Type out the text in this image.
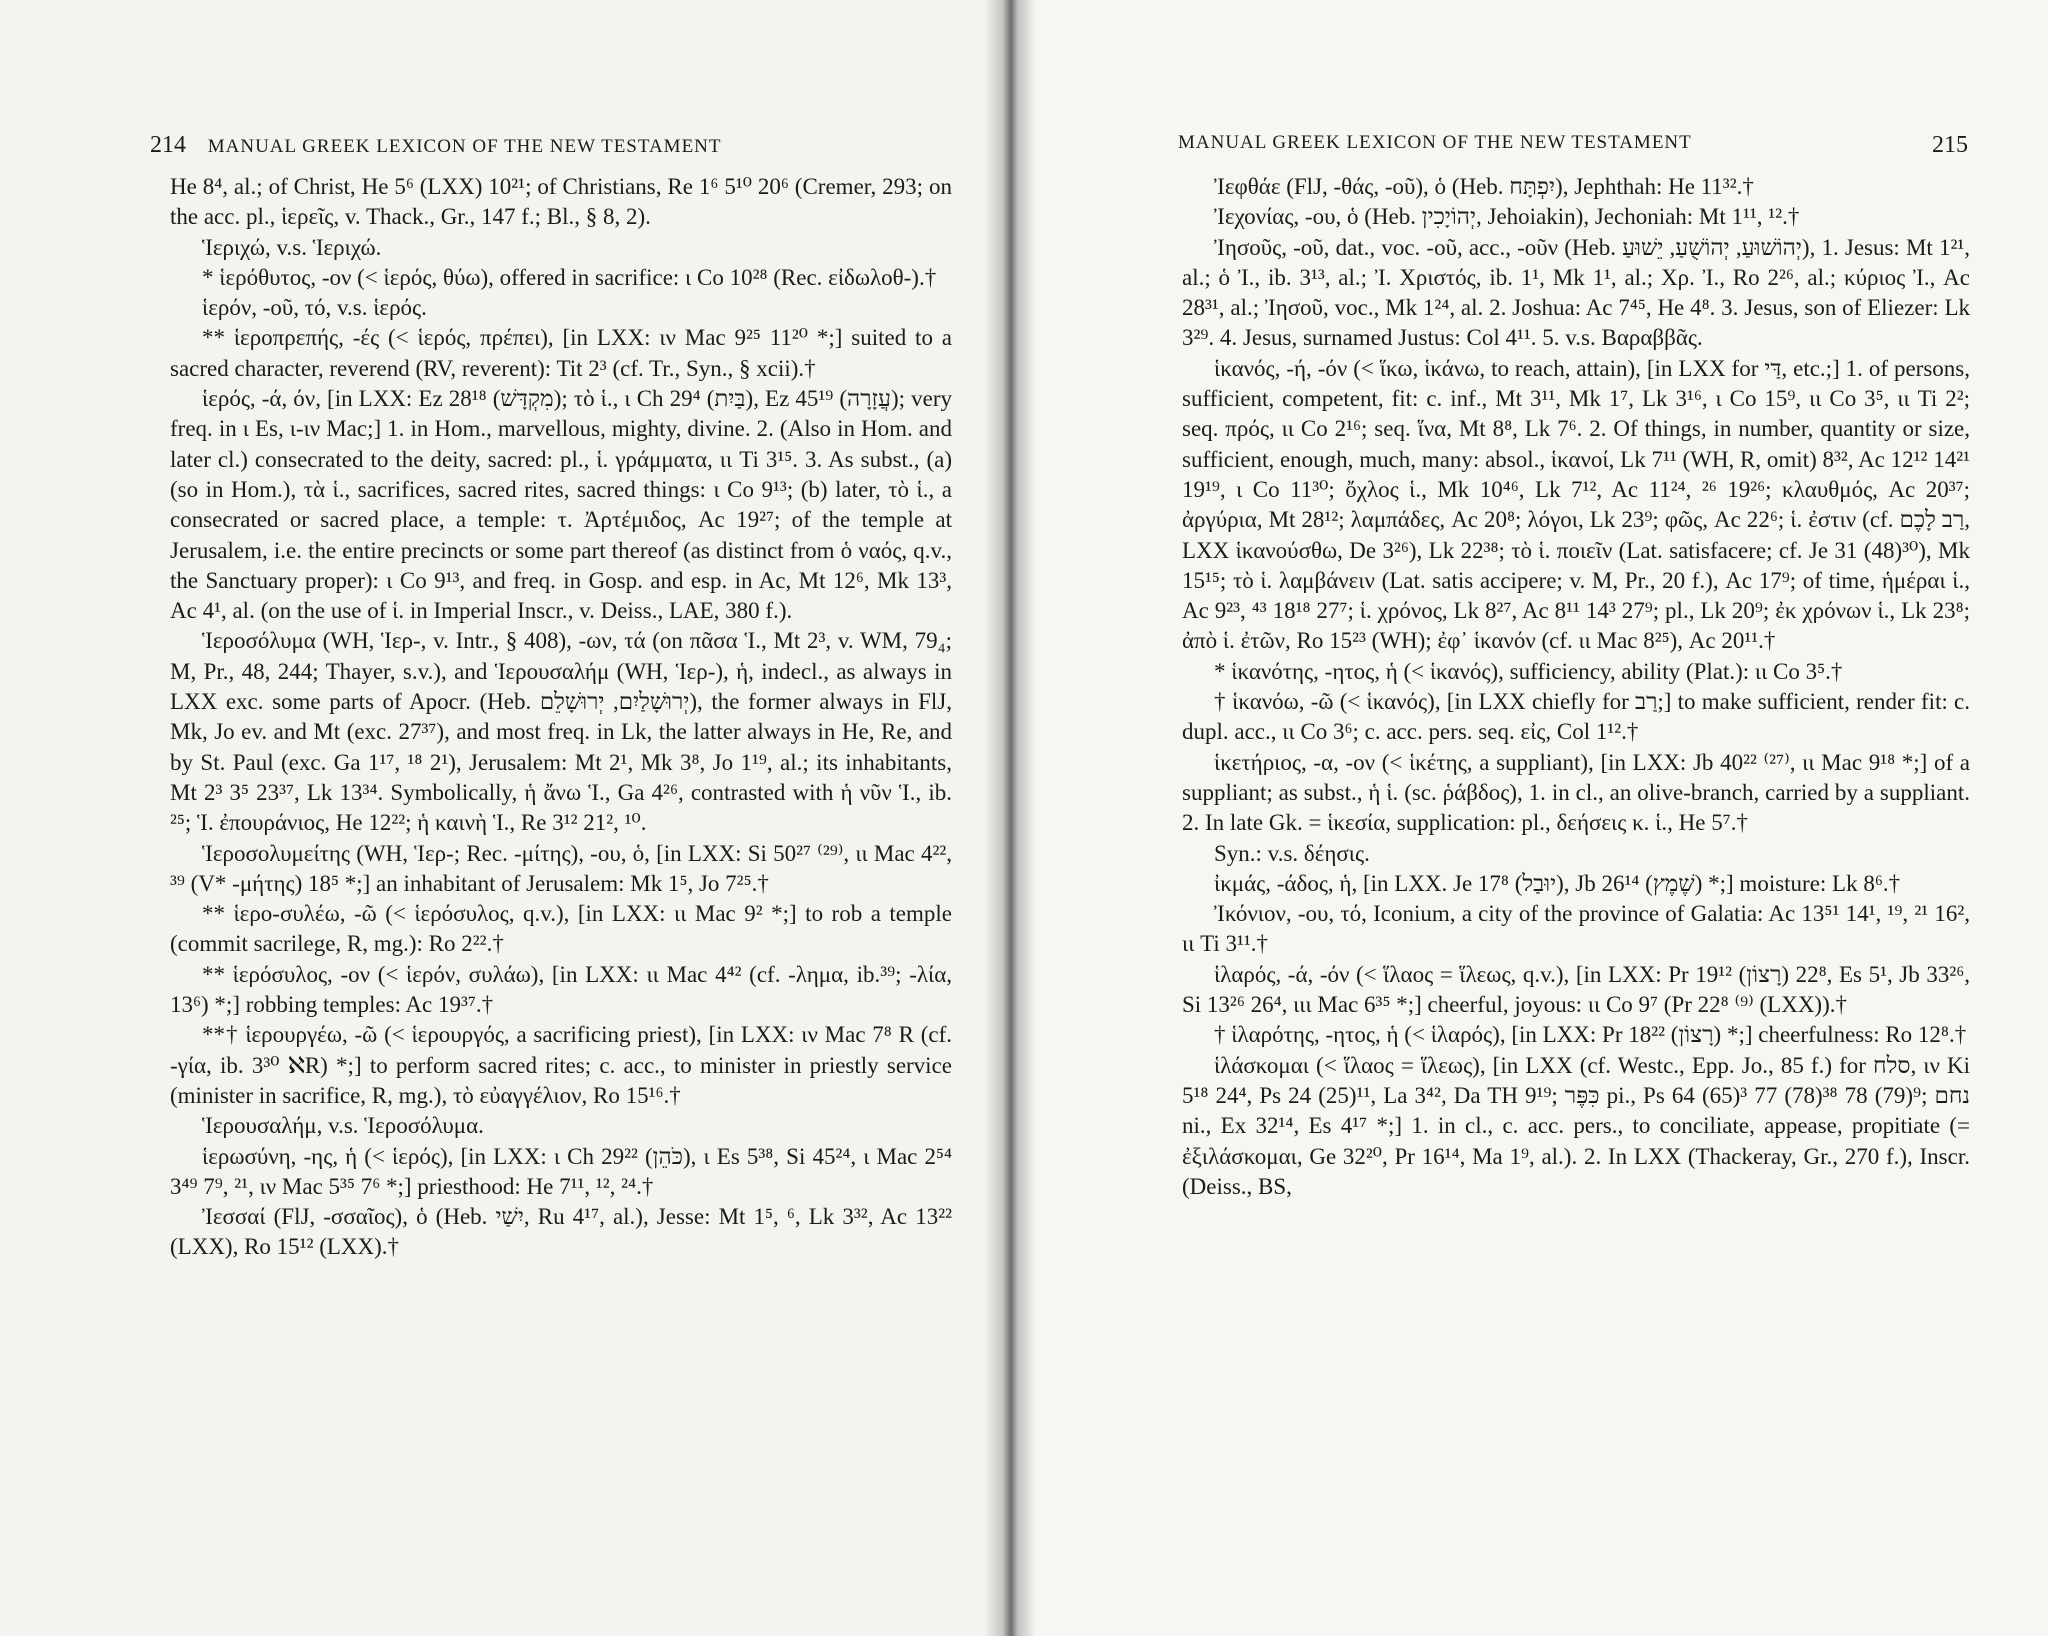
214 MANUAL GREEK LEXICON OF THE NEW TESTAMENT

He 8⁴, al.; of Christ, He 5⁶ (LXX) 10²¹; of Christians, Re 1⁶ 5¹⁰ 20⁶ (Cremer, 293; on the acc. pl., ἱερεῖς, v. Thack., Gr., 147 f.; Bl., § 8, 2).

Ἱεριχώ, v.s. Ἱεριχώ.

* ἱερόθυτος, -ον (< ἱερός, θύω), offered in sacrifice: ι Co 10²⁸ (Rec. εἰδωλοθ-).†

ἱερόν, -οῦ, τό, v.s. ἱερός.

** ἱεροπρεπής, -ές (< ἱερός, πρέπει), [in LXX: ιν Mac 9²⁵ 11²⁰ *;] suited to a sacred character, reverend (RV, reverent): Tit 2³ (cf. Tr., Syn., § xcii).†

ἱερός, -ά, όν, [in LXX: Ez 28¹⁸ (מִקְדָּשׁ); τὸ ἱ., ι Ch 29⁴ (בַּיִת), Ez 45¹⁹ (עֲזָרָה); very freq. in ι Es, ι-ιν Mac;] 1. in Hom., marvellous, mighty, divine. 2. (Also in Hom. and later cl.) consecrated to the deity, sacred: pl., ἱ. γράμματα, ιι Ti 3¹⁵. 3. As subst., (a) (so in Hom.), τὰ ἱ., sacrifices, sacred rites, sacred things: ι Co 9¹³; (b) later, τὸ ἱ., a consecrated or sacred place, a temple: τ. Ἀρτέμιδος, Ac 19²⁷; of the temple at Jerusalem, i.e. the entire precincts or some part thereof (as distinct from ὁ ναός, q.v., the Sanctuary proper): ι Co 9¹³, and freq. in Gosp. and esp. in Ac, Mt 12⁶, Mk 13³, Ac 4¹, al. (on the use of ἱ. in Imperial Inscr., v. Deiss., LAE, 380 f.).

Ἱεροσόλυμα (WH, Ἱερ-, v. Intr., § 408), -ων, τά (on πᾶσα Ἱ., Mt 2³, v. WM, 79₄; M, Pr., 48, 244; Thayer, s.v.), and Ἱερουσαλήμ (WH, Ἱερ-), ἡ, indecl., as always in LXX exc. some parts of Apocr. (Heb. יְרוּשָׁלַיִם, יְרוּשָׁלֵם), the former always in FlJ, Mk, Jo ev. and Mt (exc. 27³⁷), and most freq. in Lk, the latter always in He, Re, and by St. Paul (exc. Ga 1¹⁷, ¹⁸ 2¹), Jerusalem: Mt 2¹, Mk 3⁸, Jo 1¹⁹, al.; its inhabitants, Mt 2³ 3⁵ 23³⁷, Lk 13³⁴. Symbolically, ἡ ἄνω Ἱ., Ga 4²⁶, contrasted with ἡ νῦν Ἱ., ib. ²⁵; Ἱ. ἐπουράνιος, He 12²²; ἡ καινὴ Ἱ., Re 3¹² 21², ¹⁰.

Ἱεροσολυμείτης (WH, Ἱερ-; Rec. -μίτης), -ου, ὁ, [in LXX: Si 50²⁷ ⁽²⁹⁾, ιι Mac 4²², ³⁹ (V* -μήτης) 18⁵ *;] an inhabitant of Jerusalem: Mk 1⁵, Jo 7²⁵.†

** ἱερο-συλέω, -ῶ (< ἱερόσυλος, q.v.), [in LXX: ιι Mac 9² *;] to rob a temple (commit sacrilege, R, mg.): Ro 2²².†

** ἱερόσυλος, -ον (< ἱερόν, συλάω), [in LXX: ιι Mac 4⁴² (cf. -λημα, ib.³⁹; -λία, 13⁶) *;] robbing temples: Ac 19³⁷.†

**† ἱερουργέω, -ῶ (< ἱερουργός, a sacrificing priest), [in LXX: ιν Mac 7⁸ R (cf. -γία, ib. 3³⁰ ℵR) *;] to perform sacred rites; c. acc., to minister in priestly service (minister in sacrifice, R, mg.), τὸ εὐαγγέλιον, Ro 15¹⁶.†

Ἱερουσαλήμ, v.s. Ἱεροσόλυμα.

ἱερωσύνη, -ης, ἡ (< ἱερός), [in LXX: ι Ch 29²² (כֹּהֵן), ι Es 5³⁸, Si 45²⁴, ι Mac 2⁵⁴ 3⁴⁹ 7⁹, ²¹, ιν Mac 5³⁵ 7⁶ *;] priesthood: He 7¹¹, ¹², ²⁴.†

Ἰεσσαί (FlJ, -σσαῖος), ὁ (Heb. יִשַׁי, Ru 4¹⁷, al.), Jesse: Mt 1⁵, ⁶, Lk 3³², Ac 13²² (LXX), Ro 15¹² (LXX).†

215
MANUAL GREEK LEXICON OF THE NEW TESTAMENT

Ἰεφθάε (FlJ, -θάς, -οῦ), ὁ (Heb. יִפְתָּח), Jephthah: He 11³².†

Ἰεχονίας, -ου, ὁ (Heb. יְהוֹיָכִין, Jehoiakin), Jechoniah: Mt 1¹¹, ¹².†

Ἰησοῦς, -οῦ, dat., voc. -οῦ, acc., -οῦν (Heb. יְהוֹשׁוּעַ, יְהוֹשֻׁעַ, יֵשׁוּעַ), 1. Jesus: Mt 1²¹, al.; ὁ Ἰ., ib. 3¹³, al.; Ἰ. Χριστός, ib. 1¹, Mk 1¹, al.; Χρ. Ἰ., Ro 2²⁶, al.; κύριος Ἰ., Ac 28³¹, al.; Ἰησοῦ, voc., Mk 1²⁴, al. 2. Joshua: Ac 7⁴⁵, He 4⁸. 3. Jesus, son of Eliezer: Lk 3²⁹. 4. Jesus, surnamed Justus: Col 4¹¹. 5. v.s. Βαραββᾶς.

ἱκανός, -ή, -όν (< ἵκω, ἱκάνω, to reach, attain), [in LXX for דַּי, etc.;] 1. of persons, sufficient, competent, fit: c. inf., Mt 3¹¹, Mk 1⁷, Lk 3¹⁶, ι Co 15⁹, ιι Co 3⁵, ιι Ti 2²; seq. πρός, ιι Co 2¹⁶; seq. ἵνα, Mt 8⁸, Lk 7⁶. 2. Of things, in number, quantity or size, sufficient, enough, much, many: absol., ἱκανοί, Lk 7¹¹ (WH, R, omit) 8³², Ac 12¹² 14²¹ 19¹⁹, ι Co 11³⁰; ὄχλος ἱ., Mk 10⁴⁶, Lk 7¹², Ac 11²⁴, ²⁶ 19²⁶; κλαυθμός, Ac 20³⁷; ἀργύρια, Mt 28¹²; λαμπάδες, Ac 20⁸; λόγοι, Lk 23⁹; φῶς, Ac 22⁶; ἱ. ἐστιν (cf. רַב לָכֶם, LXX ἱκανούσθω, De 3²⁶), Lk 22³⁸; τὸ ἱ. ποιεῖν (Lat. satisfacere; cf. Je 31 (48)³⁰), Mk 15¹⁵; τὸ ἱ. λαμβάνειν (Lat. satis accipere; v. M, Pr., 20 f.), Ac 17⁹; of time, ἡμέραι ἱ., Ac 9²³, ⁴³ 18¹⁸ 27⁷; ἱ. χρόνος, Lk 8²⁷, Ac 8¹¹ 14³ 27⁹; pl., Lk 20⁹; ἐκ χρόνων ἱ., Lk 23⁸; ἀπὸ ἱ. ἐτῶν, Ro 15²³ (WH); ἐφ᾽ ἱκανόν (cf. ιι Mac 8²⁵), Ac 20¹¹.†

* ἱκανότης, -ητος, ἡ (< ἱκανός), sufficiency, ability (Plat.): ιι Co 3⁵.†

† ἱκανόω, -ῶ (< ἱκανός), [in LXX chiefly for רַב;] to make sufficient, render fit: c. dupl. acc., ιι Co 3⁶; c. acc. pers. seq. εἰς, Col 1¹².†

ἱκετήριος, -α, -ον (< ἱκέτης, a suppliant), [in LXX: Jb 40²² ⁽²⁷⁾, ιι Mac 9¹⁸ *;] of a suppliant; as subst., ἡ ἱ. (sc. ῥάβδος), 1. in cl., an olive-branch, carried by a suppliant. 2. In late Gk. = ἱκεσία, supplication: pl., δεήσεις κ. ἱ., He 5⁷.†

Syn.: v.s. δέησις.

ἰκμάς, -άδος, ἡ, [in LXX. Je 17⁸ (יוּבַל), Jb 26¹⁴ (שֶׁמֶץ) *;] moisture: Lk 8⁶.†

Ἰκόνιον, -ου, τό, Iconium, a city of the province of Galatia: Ac 13⁵¹ 14¹, ¹⁹, ²¹ 16², ιι Ti 3¹¹.†

ἱλαρός, -ά, -όν (< ἵλαος = ἵλεως, q.v.), [in LXX: Pr 19¹² (רָצוֹן) 22⁸, Es 5¹, Jb 33²⁶, Si 13²⁶ 26⁴, ιιι Mac 6³⁵ *;] cheerful, joyous: ιι Co 9⁷ (Pr 22⁸ ⁽⁹⁾ (LXX)).†

† ἱλαρότης, -ητος, ἡ (< ἱλαρός), [in LXX: Pr 18²² (רָצוֹן) *;] cheerfulness: Ro 12⁸.†

ἱλάσκομαι (< ἵλαος = ἵλεως), [in LXX (cf. Westc., Epp. Jo., 85 f.) for סלח, ιν Ki 5¹⁸ 24⁴, Ps 24 (25)¹¹, La 3⁴², Da TH 9¹⁹; כִּפֶּר pi., Ps 64 (65)³ 77 (78)³⁸ 78 (79)⁹; נחם ni., Ex 32¹⁴, Es 4¹⁷ *;] 1. in cl., c. acc. pers., to conciliate, appease, propitiate (= ἐξιλάσκομαι, Ge 32²⁰, Pr 16¹⁴, Ma 1⁹, al.). 2. In LXX (Thackeray, Gr., 270 f.), Inscr. (Deiss., BS,
